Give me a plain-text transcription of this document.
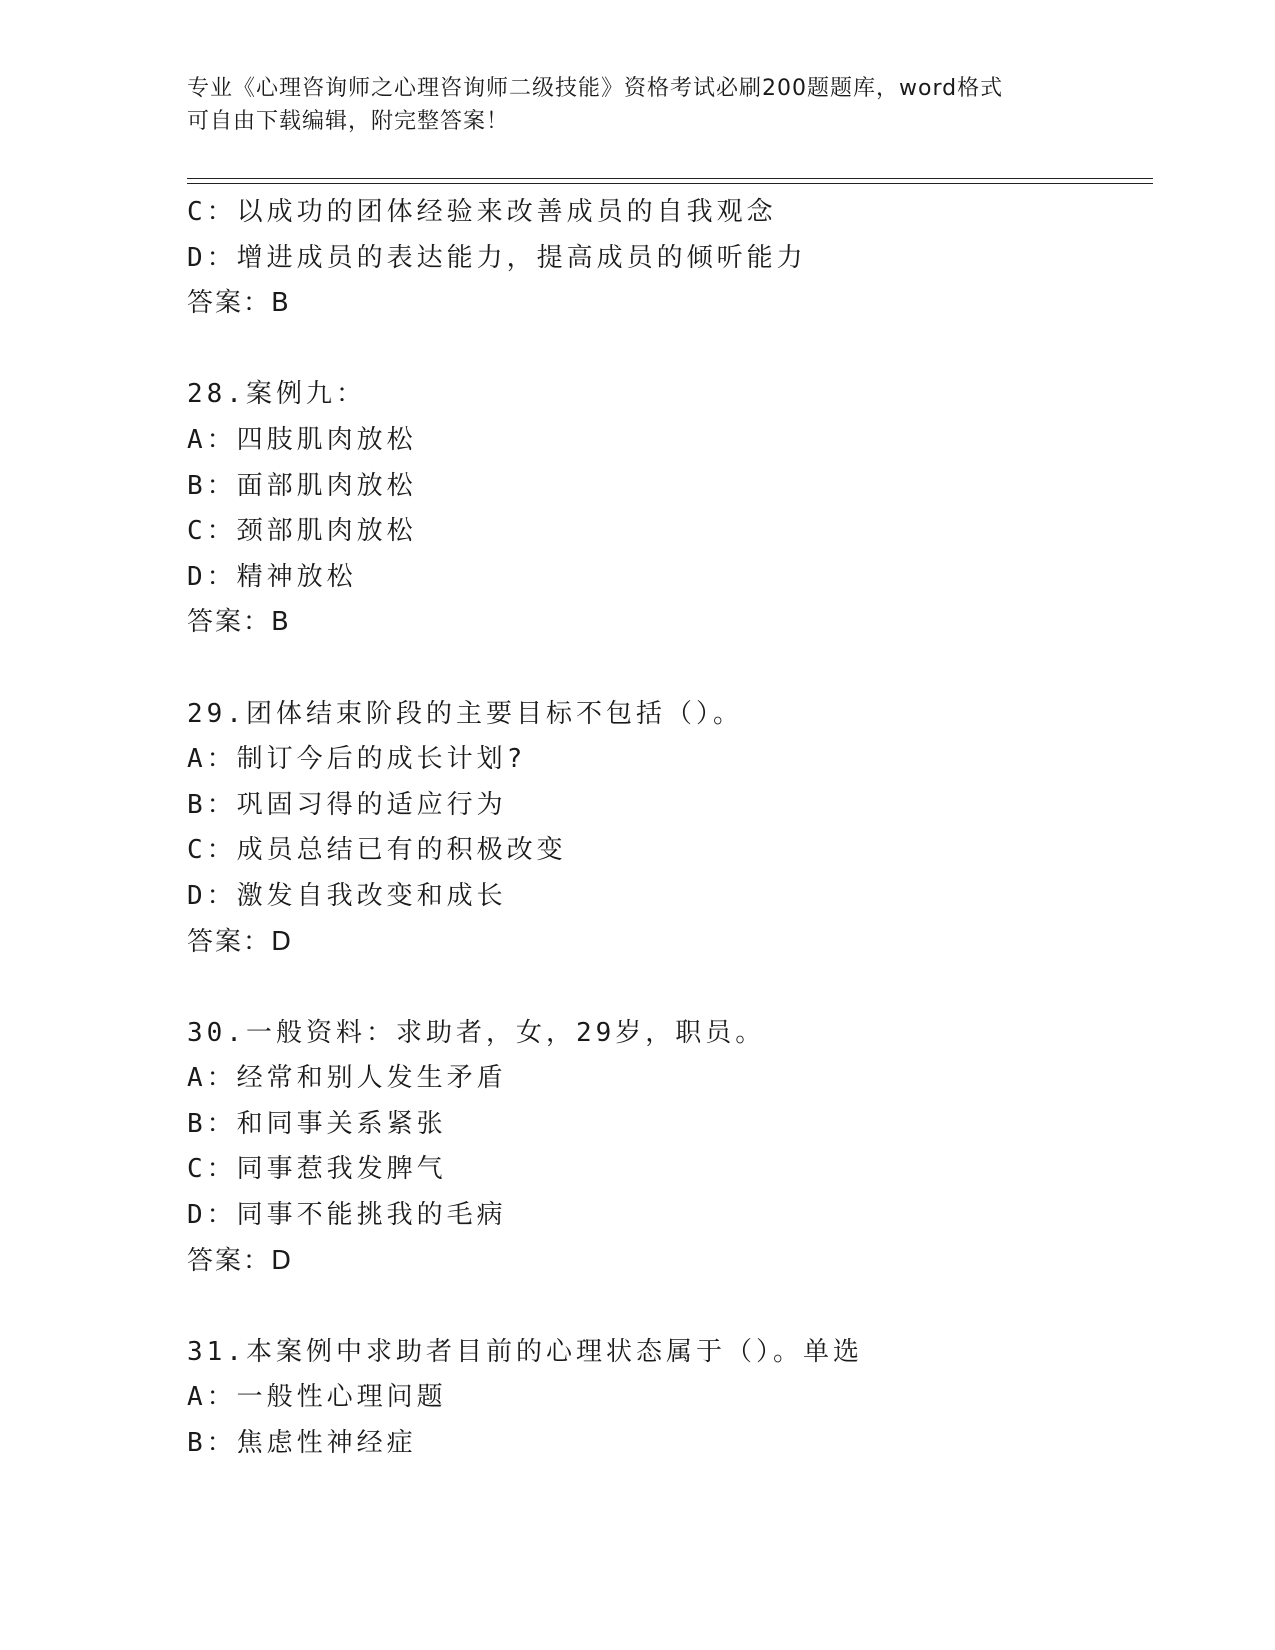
专业《心理咨询师之心理咨询师二级技能》资格考试必刷200题题库，word格式
可自由下载编辑，附完整答案！
C：以成功的团体经验来改善成员的自我观念
D：增进成员的表达能力，提高成员的倾听能力
答案：B
28.案例九：
A：四肢肌肉放松
B：面部肌肉放松
C：颈部肌肉放松
D：精神放松
答案：B
29.团体结束阶段的主要目标不包括（）。
A：制订今后的成长计划?
B：巩固习得的适应行为
C：成员总结已有的积极改变
D：激发自我改变和成长
答案：D
30.一般资料：求助者，女，29岁，职员。
A：经常和别人发生矛盾
B：和同事关系紧张
C：同事惹我发脾气
D：同事不能挑我的毛病
答案：D
31.本案例中求助者目前的心理状态属于（）。单选
A：一般性心理问题
B：焦虑性神经症
